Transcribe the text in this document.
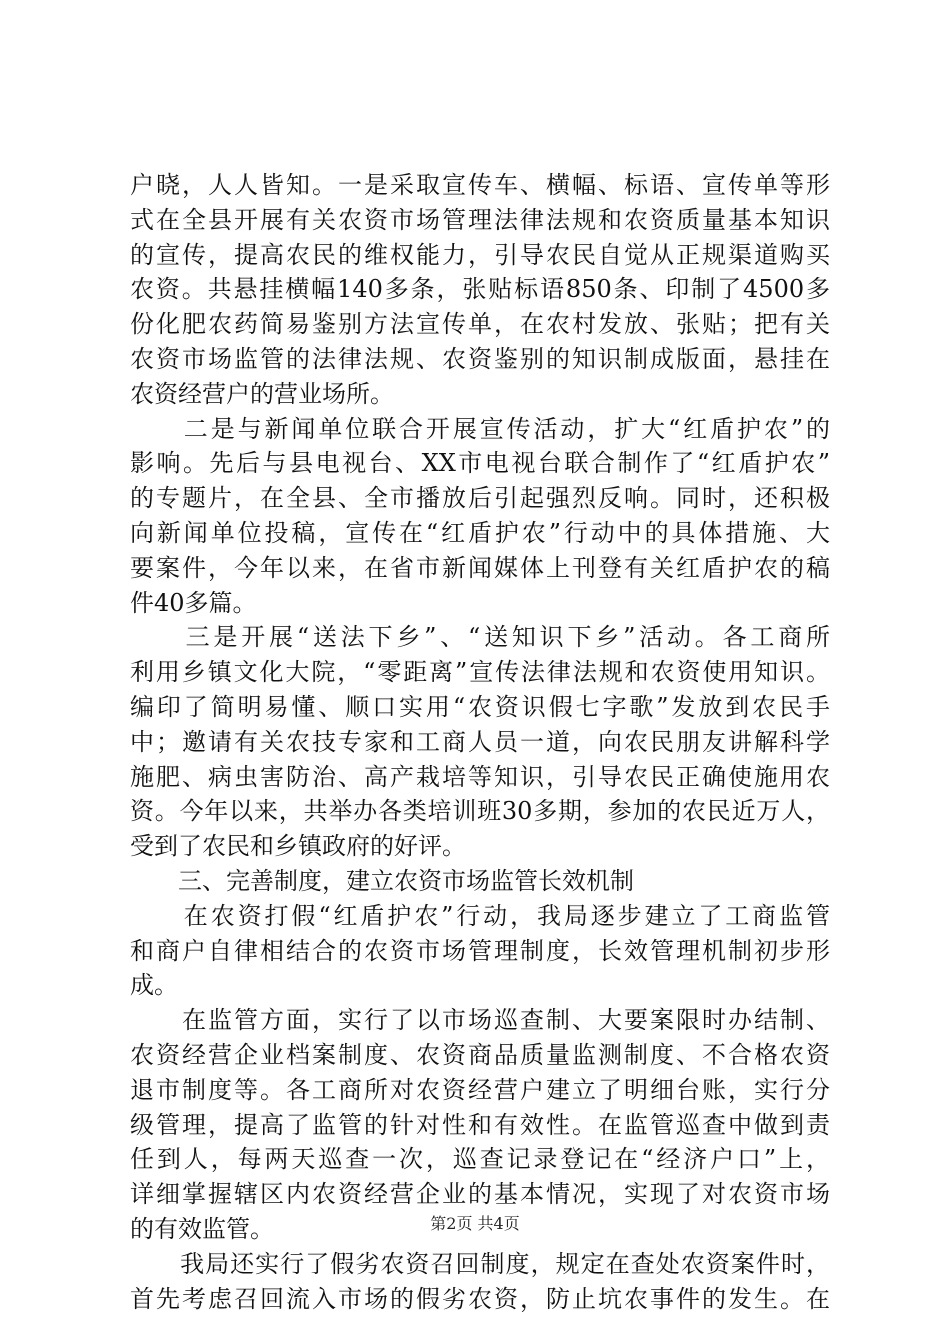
户晓，人人皆知。一是采取宣传车、横幅、标语、宣传单等形
式在全县开展有关农资市场管理法律法规和农资质量基本知识
的宣传，提高农民的维权能力，引导农民自觉从正规渠道购买
农资。共悬挂横幅140多条，张贴标语850条、印制了4500多
份化肥农药简易鉴别方法宣传单，在农村发放、张贴；把有关
农资市场监管的法律法规、农资鉴别的知识制成版面，悬挂在
农资经营户的营业场所。
　　二是与新闻单位联合开展宣传活动，扩大“红盾护农”的
影响。先后与县电视台、XX市电视台联合制作了“红盾护农”
的专题片，在全县、全市播放后引起强烈反响。同时，还积极
向新闻单位投稿，宣传在“红盾护农”行动中的具体措施、大
要案件，今年以来，在省市新闻媒体上刊登有关红盾护农的稿
件40多篇。
　　三是开展“送法下乡”、“送知识下乡”活动。各工商所
利用乡镇文化大院，“零距离”宣传法律法规和农资使用知识。
编印了简明易懂、顺口实用“农资识假七字歌”发放到农民手
中；邀请有关农技专家和工商人员一道，向农民朋友讲解科学
施肥、病虫害防治、高产栽培等知识，引导农民正确使施用农
资。今年以来，共举办各类培训班30多期，参加的农民近万人，
受到了农民和乡镇政府的好评。
　　三、完善制度，建立农资市场监管长效机制
　　在农资打假“红盾护农”行动，我局逐步建立了工商监管
和商户自律相结合的农资市场管理制度，长效管理机制初步形
成。
　　在监管方面，实行了以市场巡查制、大要案限时办结制、
农资经营企业档案制度、农资商品质量监测制度、不合格农资
退市制度等。各工商所对农资经营户建立了明细台账，实行分
级管理，提高了监管的针对性和有效性。在监管巡查中做到责
任到人，每两天巡查一次，巡查记录登记在“经济户口”上，
详细掌握辖区内农资经营企业的基本情况，实现了对农资市场
的有效监管。
　　我局还实行了假劣农资召回制度，规定在查处农资案件时，
首先考虑召回流入市场的假劣农资，防止坑农事件的发生。在
第2页 共4页
